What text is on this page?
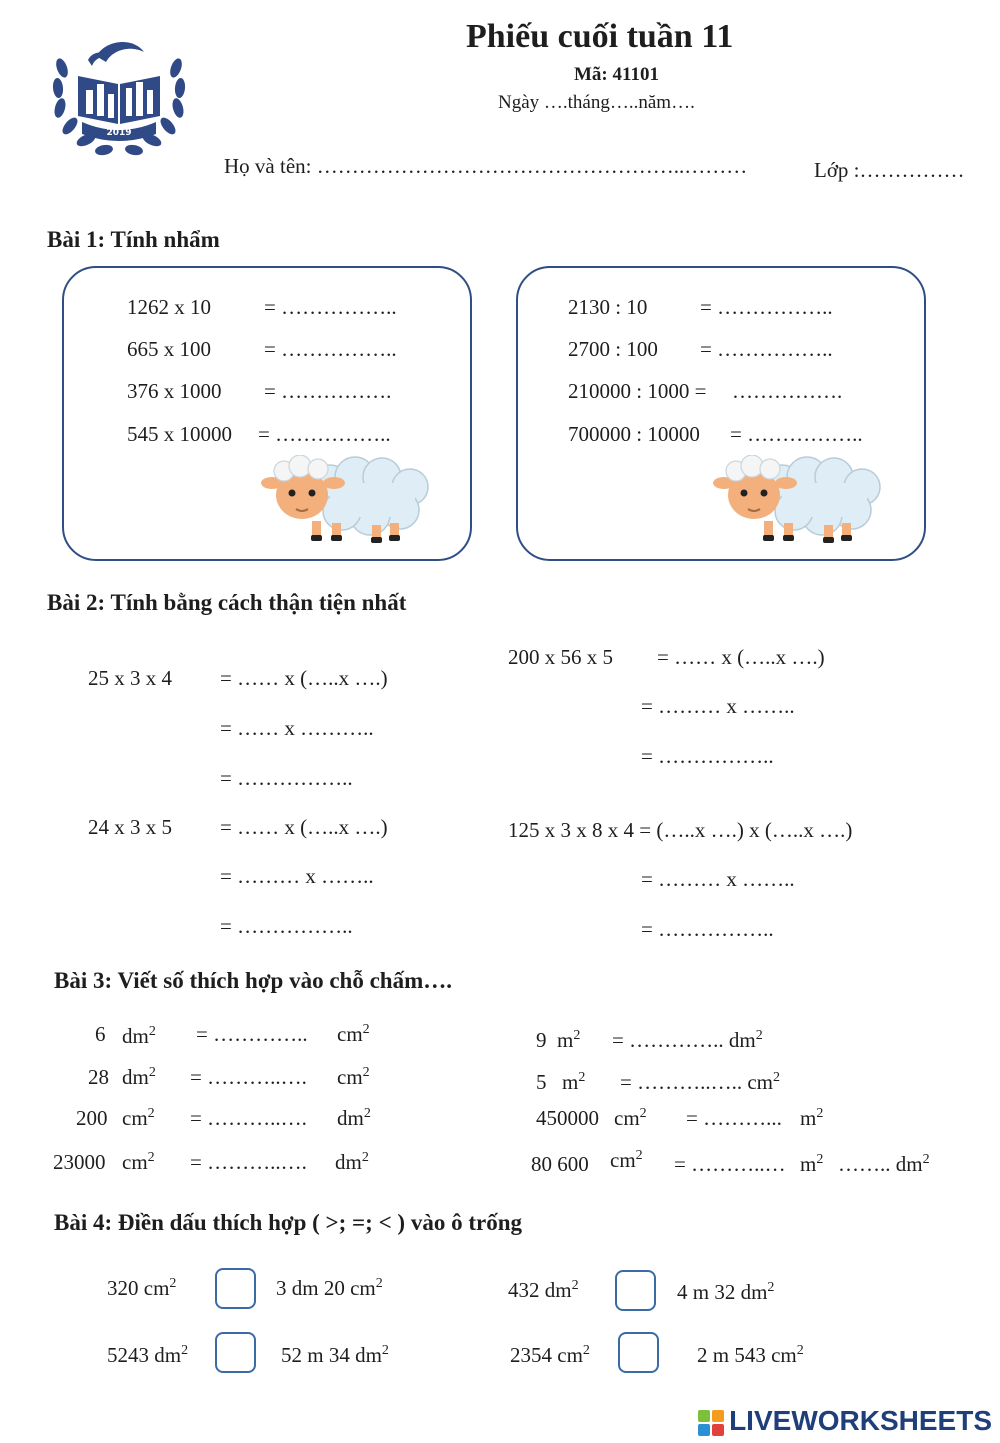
2019
Phiếu cuối tuần 11
Mã: 41101
Ngày ….tháng…..năm….
Họ và tên: ……………………………………………..………	Lớp :……………
Bài 1: Tính nhẩm
1262 x 10	= ……………..
665 x 100	= ……………..
376 x 1000 = …………….
545 x 10000 = ……………..
2130 : 10	= ……………..
2700 : 100 = ……………..
210000 : 1000 = …………….
700000 : 10000 = ……………..
Bài 2: Tính bằng cách thận tiện nhất
25 x 3 x 4 = …… x (…..x ….)
= …… x ………..
= ……………..
24 x 3 x 5 = …… x (…..x ….)
= ……… x ……..
= ……………..
200 x 56 x 5 = …… x (…..x ….)
= ……… x ……..
= ……………..
125 x 3 x 8 x 4 = (…..x ….) x (…..x ….)
= ……… x ……..
= ……………..
Bài 3: Viết số thích hợp vào chỗ chấm….
6 $dm^2$ = ………….. $cm^2$
28 $dm^2$ = ………..…. $cm^2$
200 $cm^2$ = ………..…. $dm^2$
23000 $cm^2$ = ………..…. $dm^2$
9 $m^2$ = ………….. $dm^2$
5 $m^2$ = ………..….. $cm^2$
450000 $cm^2$ = ………... $m^2$
80 600 $cm^2$ = ………..… $m^2$ …….. $dm^2$
Bài 4: Điền dấu thích hợp ( >; =; < ) vào ô trống
320 $cm^2$	3 dm 20 $cm^2$	432 $dm^2$	4 m 32 $dm^2$
5243 $dm^2$	52 m 34 $dm^2$	2354 $cm^2$	2 m 543 $cm^2$
LIVEWORKSHEETS
